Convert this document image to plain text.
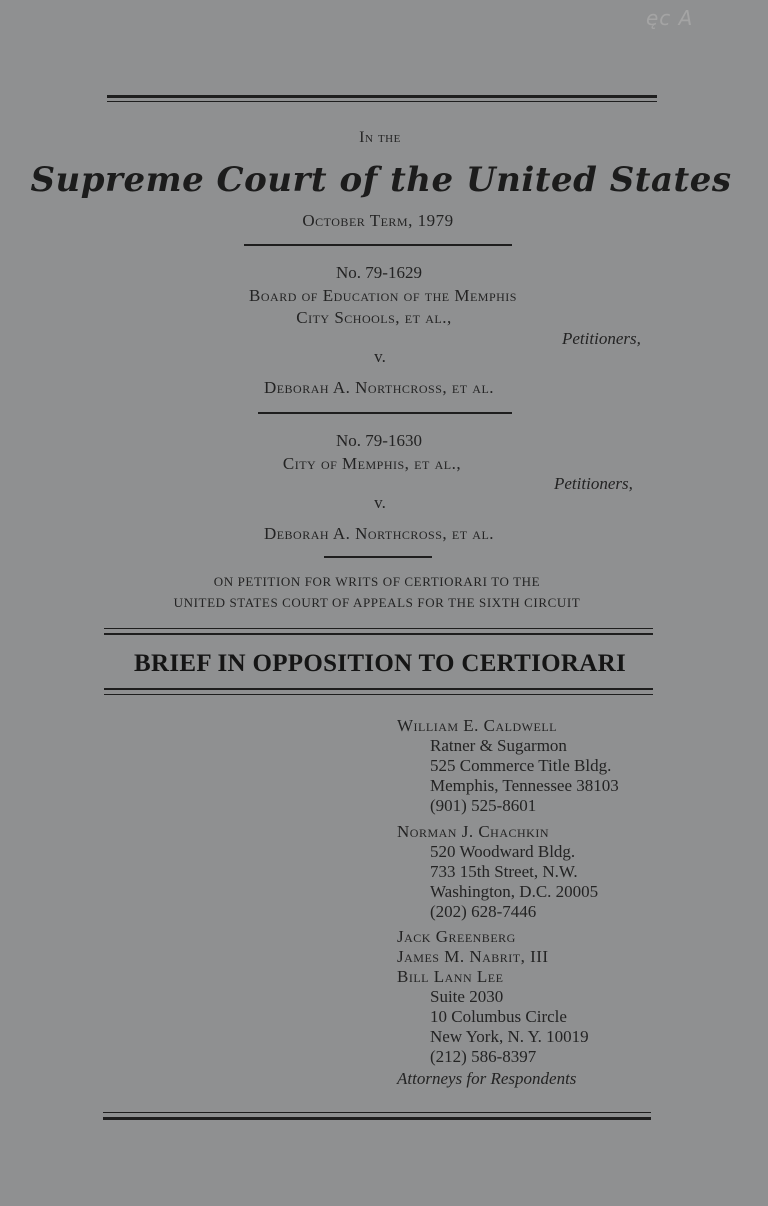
ęc A
In the
Supreme Court of the United States
October Term, 1979
No. 79-1629
Board of Education of the Memphis
City Schools, et al.,
Petitioners,
v.
Deborah A. Northcross, et al.
No. 79-1630
City of Memphis, et al.,
Petitioners,
v.
Deborah A. Northcross, et al.
ON PETITION FOR WRITS OF CERTIORARI TO THE
UNITED STATES COURT OF APPEALS FOR THE SIXTH CIRCUIT
BRIEF IN OPPOSITION TO CERTIORARI
William E. Caldwell
Ratner & Sugarmon
525 Commerce Title Bldg.
Memphis, Tennessee 38103
(901) 525-8601
Norman J. Chachkin
520 Woodward Bldg.
733 15th Street, N.W.
Washington, D.C. 20005
(202) 628-7446
Jack Greenberg
James M. Nabrit, III
Bill Lann Lee
Suite 2030
10 Columbus Circle
New York, N. Y. 10019
(212) 586-8397
Attorneys for Respondents
